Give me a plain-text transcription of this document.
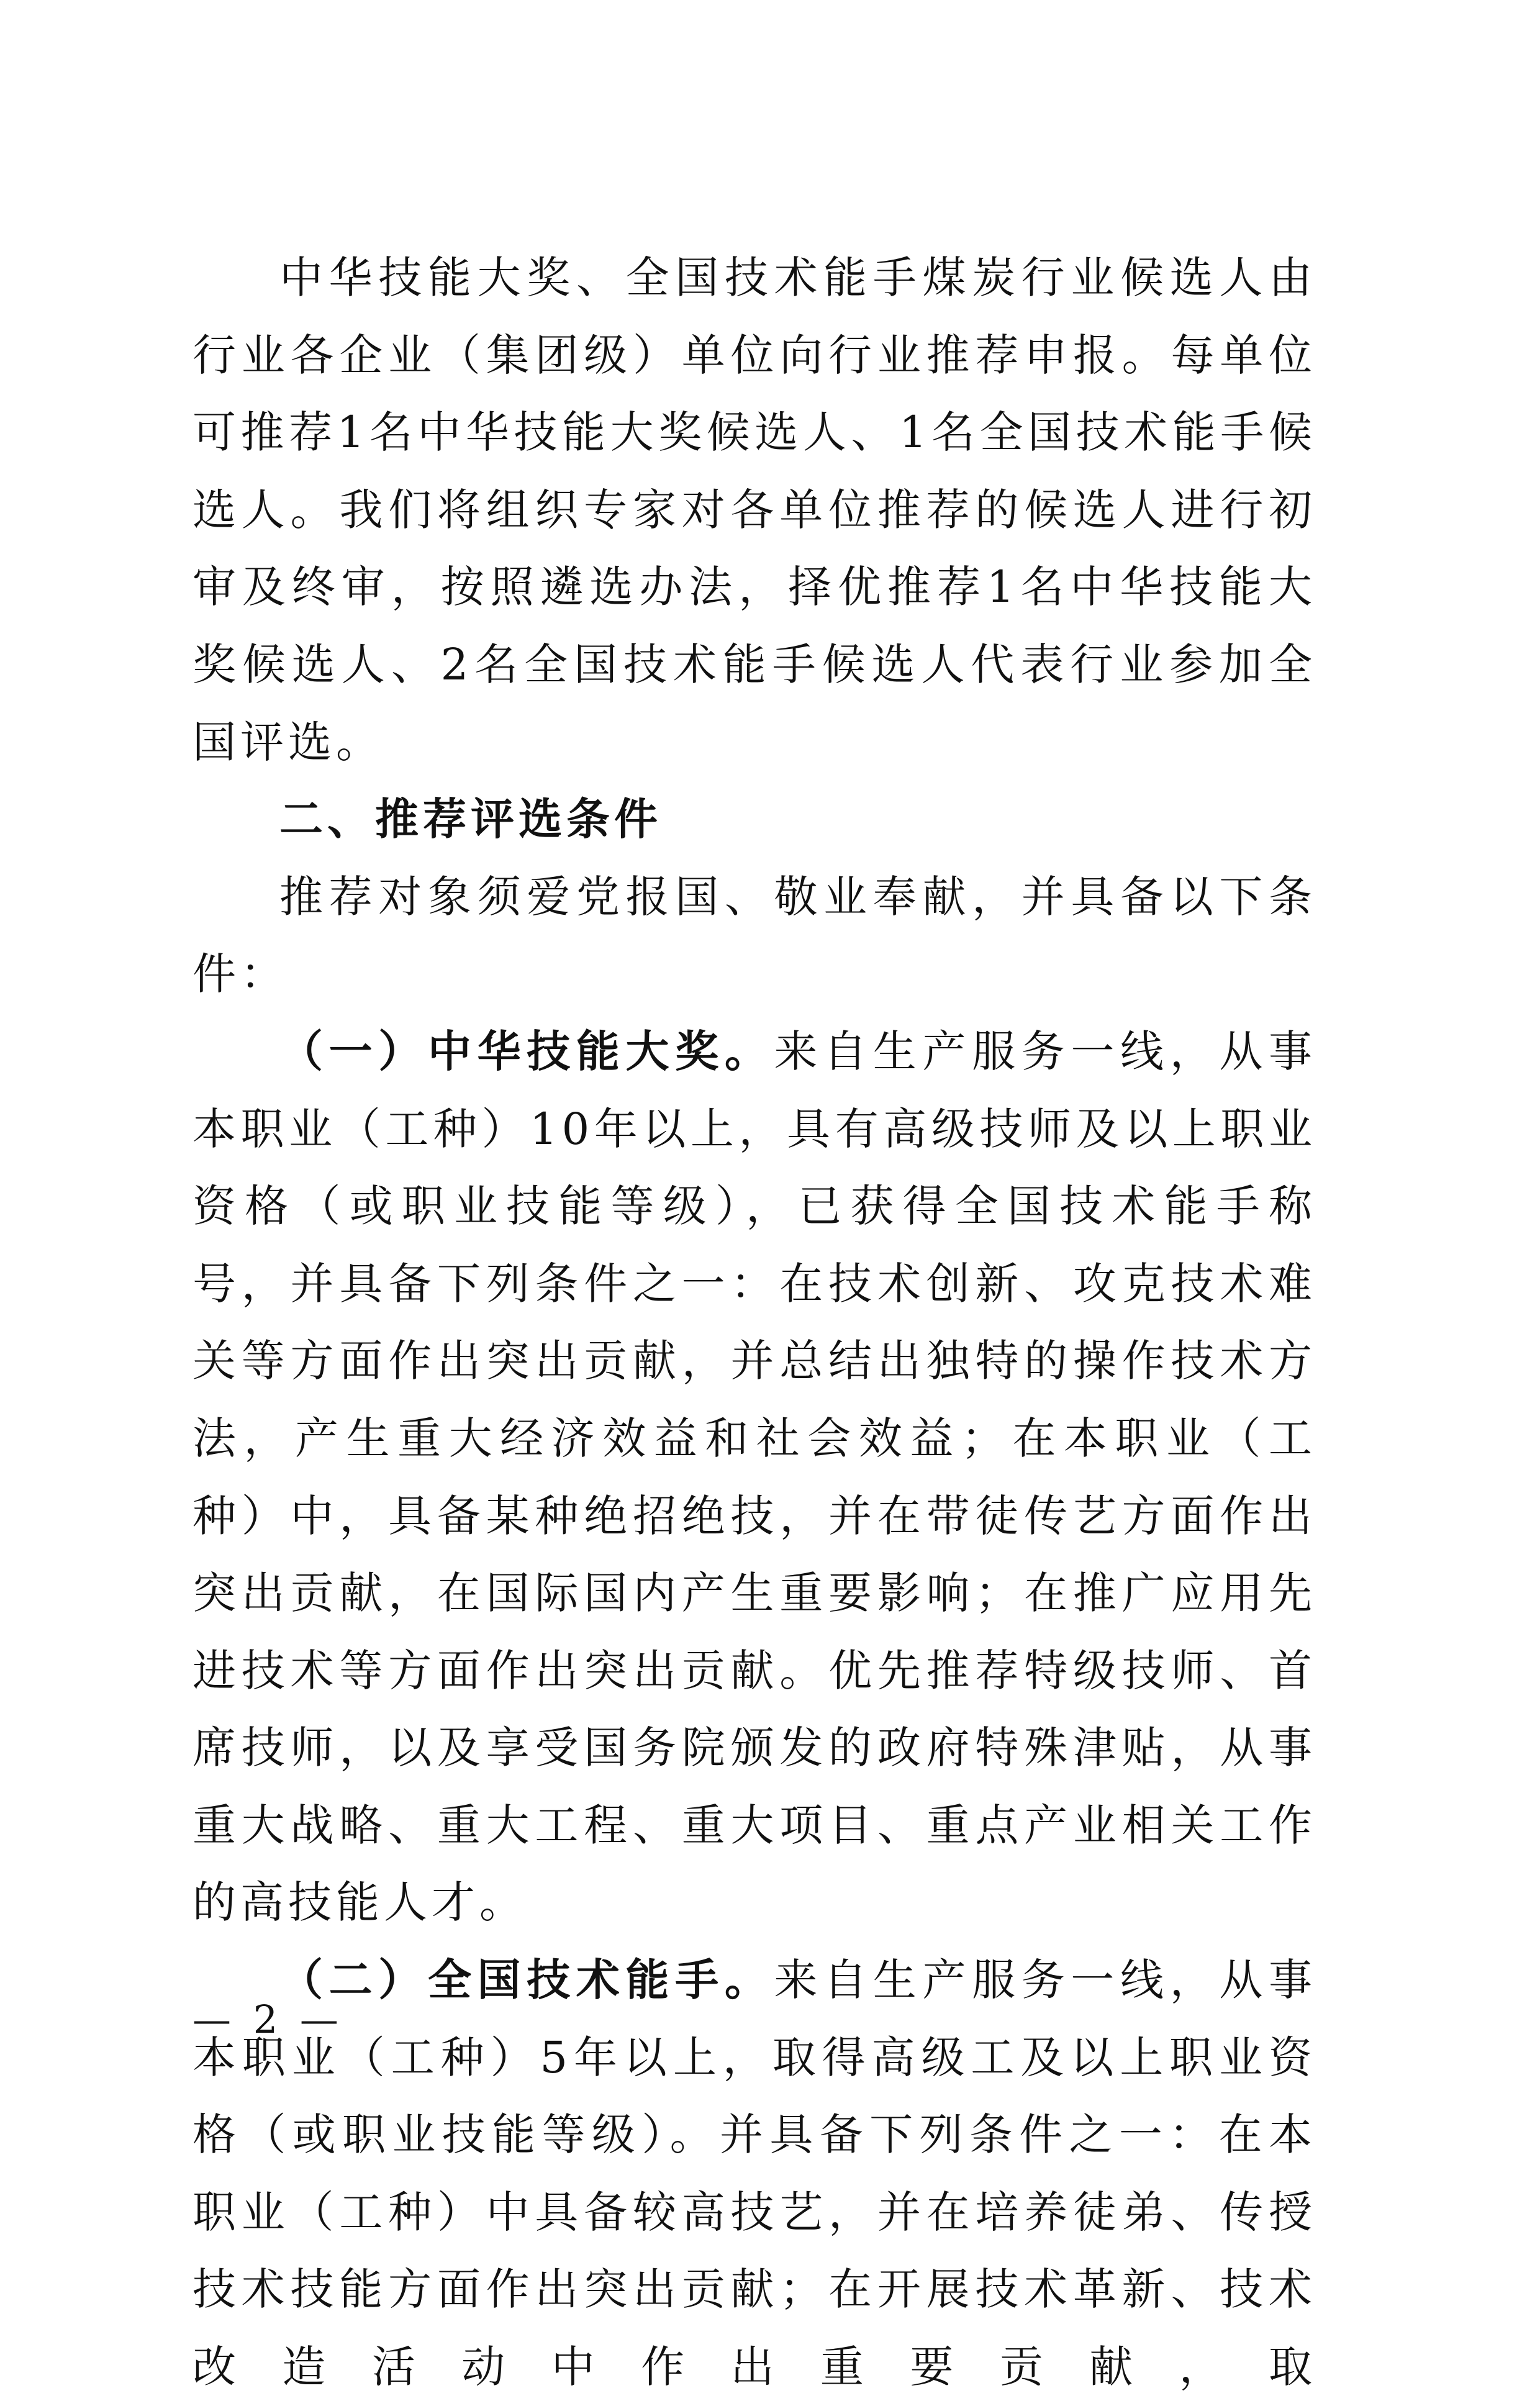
中华技能大奖、全国技术能手煤炭行业候选人由行业各企业（集团级）单位向行业推荐申报。每单位可推荐1名中华技能大奖候选人、1名全国技术能手候选人。我们将组织专家对各单位推荐的候选人进行初审及终审，按照遴选办法，择优推荐1名中华技能大奖候选人、2名全国技术能手候选人代表行业参加全国评选。

二、推荐评选条件

推荐对象须爱党报国、敬业奉献，并具备以下条件：

（一）中华技能大奖。来自生产服务一线，从事本职业（工种）10年以上，具有高级技师及以上职业资格（或职业技能等级），已获得全国技术能手称号，并具备下列条件之一：在技术创新、攻克技术难关等方面作出突出贡献，并总结出独特的操作技术方法，产生重大经济效益和社会效益；在本职业（工种）中，具备某种绝招绝技，并在带徒传艺方面作出突出贡献，在国际国内产生重要影响；在推广应用先进技术等方面作出突出贡献。优先推荐特级技师、首席技师，以及享受国务院颁发的政府特殊津贴，从事重大战略、重大工程、重大项目、重点产业相关工作的高技能人才。

（二）全国技术能手。来自生产服务一线，从事本职业（工种）5年以上，取得高级工及以上职业资格（或职业技能等级）。并具备下列条件之一：在本职业（工种）中具备较高技艺，并在培养徒弟、传授技术技能方面作出突出贡献；在开展技术革新、技术改造活动中作出重要贡献，取

— 2 —
